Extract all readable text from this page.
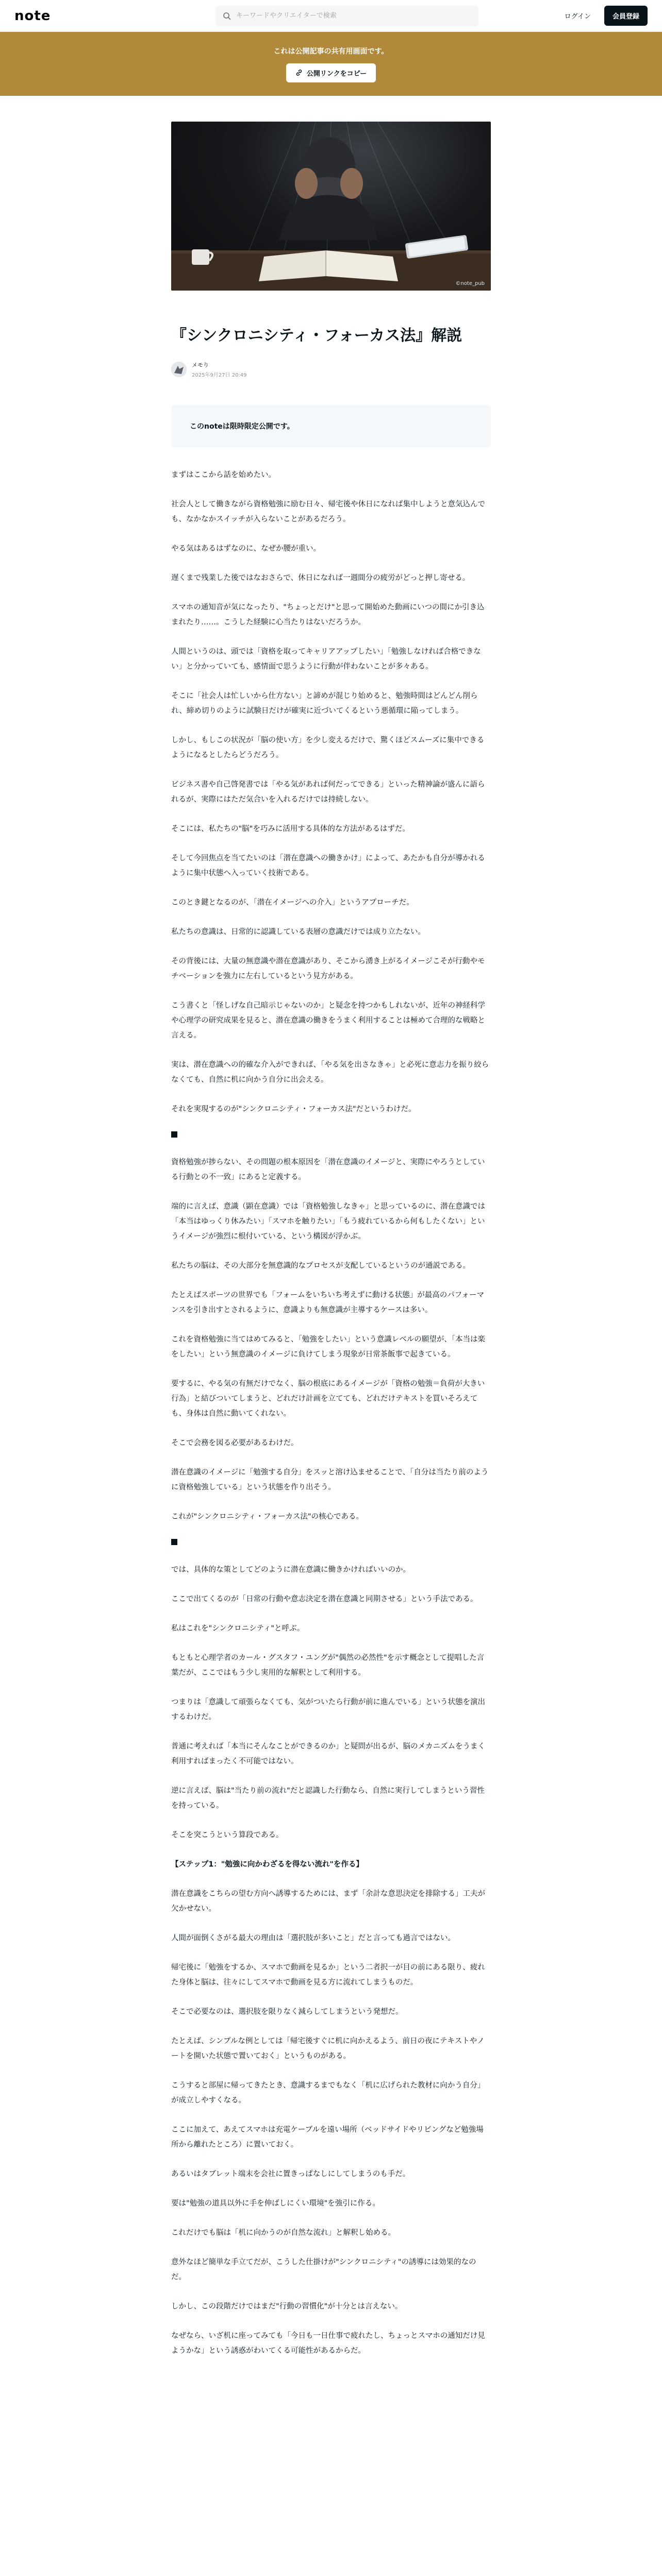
note
キーワードやクリエイターで検索	ログイン	会員登録
これは公開記事の共有用画面です。
公開リンクをコピー
©note_pub
『シンクロニシティ・フォーカス法』解説
メモり
2025年9月27日 20:49
このnoteは限時限定公開です。

まずはここから話を始めたい。

社会人として働きながら資格勉強に励む日々、帰宅後や休日になれば集中しようと意気込んでも、なかなかスイッチが入らないことがあるだろう。

やる気はあるはずなのに、なぜか腰が重い。

遅くまで残業した後ではなおさらで、休日になれば一週間分の疲労がどっと押し寄せる。

スマホの通知音が気になったり、"ちょっとだけ"と思って開始めた動画にいつの間にか引き込まれたり……。こうした経験に心当たりはないだろうか。

人間というのは、頭では「資格を取ってキャリアアップしたい」「勉強しなければ合格できない」と分かっていても、感情面で思うように行動が伴わないことが多々ある。

そこに「社会人は忙しいから仕方ない」と諦めが混じり始めると、勉強時間はどんどん削られ、締め切りのように試験日だけが確実に近づいてくるという悪循環に陥ってしまう。

しかし、もしこの状況が「脳の使い方」を少し変えるだけで、驚くほどスムーズに集中できるようになるとしたらどうだろう。

ビジネス書や自己啓発書では「やる気があれば何だってできる」といった精神論が盛んに語られるが、実際にはただ気合いを入れるだけでは持続しない。

そこには、私たちの"脳"を巧みに活用する具体的な方法があるはずだ。

そして今回焦点を当てたいのは「潜在意識への働きかけ」によって、あたかも自分が導かれるように集中状態へ入っていく技術である。

このとき鍵となるのが、「潜在イメージへの介入」というアプローチだ。

私たちの意識は、日常的に認識している表層の意識だけでは成り立たない。

その背後には、大量の無意識や潜在意識があり、そこから湧き上がるイメージこそが行動やモチベーションを強力に左右しているという見方がある。

こう書くと「怪しげな自己暗示じゃないのか」と疑念を持つかもしれないが、近年の神経科学や心理学の研究成果を見ると、潜在意識の働きをうまく利用することは極めて合理的な戦略と言える。

実は、潜在意識への的確な介入ができれば、「やる気を出さなきゃ」と必死に意志力を振り絞らなくても、自然に机に向かう自分に出会える。

それを実現するのが"シンクロニシティ・フォーカス法"だというわけだ。

資格勉強が捗らない、その問題の根本原因を「潜在意識のイメージと、実際にやろうとしている行動との不一致」にあると定義する。

端的に言えば、意識（顕在意識）では「資格勉強しなきゃ」と思っているのに、潜在意識では「本当はゆっくり休みたい」「スマホを触りたい」「もう疲れているから何もしたくない」というイメージが強烈に根付いている、という構図が浮かぶ。

私たちの脳は、その大部分を無意識的なプロセスが支配しているというのが通説である。

たとえばスポーツの世界でも「フォームをいちいち考えずに動ける状態」が最高のパフォーマンスを引き出すとされるように、意識よりも無意識が主導するケースは多い。

これを資格勉強に当てはめてみると、「勉強をしたい」という意識レベルの願望が、「本当は楽をしたい」という無意識のイメージに負けてしまう現象が日常茶飯事で起きている。

要するに、やる気の有無だけでなく、脳の根底にあるイメージが「資格の勉強＝負荷が大きい行為」と結びついてしまうと、どれだけ計画を立てても、どれだけテキストを買いそろえても、身体は自然に動いてくれない。

そこで会務を図る必要があるわけだ。

潜在意識のイメージに「勉強する自分」をスッと溶け込ませることで、「自分は当たり前のように資格勉強している」という状態を作り出そう。

これが"シンクロニシティ・フォーカス法"の核心である。

では、具体的な策としてどのように潜在意識に働きかければいいのか。

ここで出てくるのが「日常の行動や意志決定を潜在意識と同期させる」という手法である。

私はこれを"シンクロニシティ"と呼ぶ。

もともと心理学者のカール・グスタフ・ユングが"偶然の必然性"を示す概念として提唱した言葉だが、ここではもう少し実用的な解釈として利用する。

つまりは「意識して頑張らなくても、気がついたら行動が前に進んでいる」という状態を演出するわけだ。

普通に考えれば「本当にそんなことができるのか」と疑問が出るが、脳のメカニズムをうまく利用すればまったく不可能ではない。

逆に言えば、脳は"当たり前の流れ"だと認識した行動なら、自然に実行してしまうという習性を持っている。

そこを突こうという算段である。

【ステップ1："勉強に向かわざるを得ない流れ"を作る】

潜在意識をこちらの望む方向へ誘導するためには、まず「余計な意思決定を排除する」工夫が欠かせない。

人間が面倒くさがる最大の理由は「選択肢が多いこと」だと言っても過言ではない。

帰宅後に「勉強をするか、スマホで動画を見るか」という二者択一が目の前にある限り、疲れた身体と脳は、往々にしてスマホで動画を見る方に流れてしまうものだ。

そこで必要なのは、選択肢を限りなく減らしてしまうという発想だ。

たとえば、シンプルな例としては「帰宅後すぐに机に向かえるよう、前日の夜にテキストやノートを開いた状態で置いておく」というものがある。

こうすると部屋に帰ってきたとき、意識するまでもなく「机に広げられた教材に向かう自分」が成立しやすくなる。

ここに加えて、あえてスマホは充電ケーブルを遠い場所（ベッドサイドやリビングなど勉強場所から離れたところ）に置いておく。

あるいはタブレット端末を会社に置きっぱなしにしてしまうのも手だ。

要は"勉強の道具以外に手を伸ばしにくい環境"を強引に作る。

これだけでも脳は「机に向かうのが自然な流れ」と解釈し始める。

意外なほど簡単な手立てだが、こうした仕掛けが"シンクロニシティ"の誘導には効果的なのだ。

しかし、この段階だけではまだ"行動の習慣化"が十分とは言えない。

なぜなら、いざ机に座ってみても「今日も一日仕事で疲れたし、ちょっとスマホの通知だけ見ようかな」という誘惑がわいてくる可能性があるからだ。
